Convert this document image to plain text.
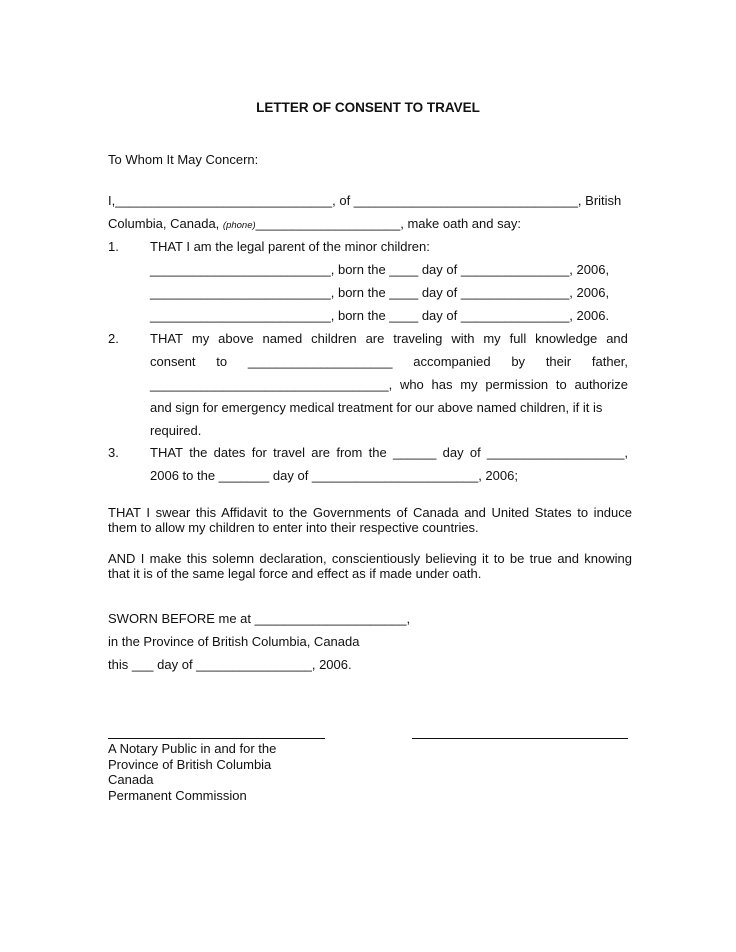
LETTER OF CONSENT TO TRAVEL
To Whom It May Concern:
I,______________________________, of _______________________________, British
Columbia, Canada, (phone)____________________, make oath and say:
1. THAT I am the legal parent of the minor children:
_________________________, born the ____ day of _______________, 2006,
_________________________, born the ____ day of _______________, 2006,
_________________________, born the ____ day of _______________, 2006.
2. THAT my above named children are traveling with my full knowledge and
consent to ____________________ accompanied by their father,
_________________________________, who has my permission to authorize
and sign for emergency medical treatment for our above named children, if it is
required.
3. THAT the dates for travel are from the ______ day of ___________________,
2006 to the _______ day of _______________________, 2006;
THAT I swear this Affidavit to the Governments of Canada and United States to induce them to allow my children to enter into their respective countries.
AND I make this solemn declaration, conscientiously believing it to be true and knowing that it is of the same legal force and effect as if made under oath.
SWORN BEFORE me at _____________________,
in the Province of British Columbia, Canada
this ___ day of ________________, 2006.
A Notary Public in and for the
Province of British Columbia
Canada
Permanent Commission
